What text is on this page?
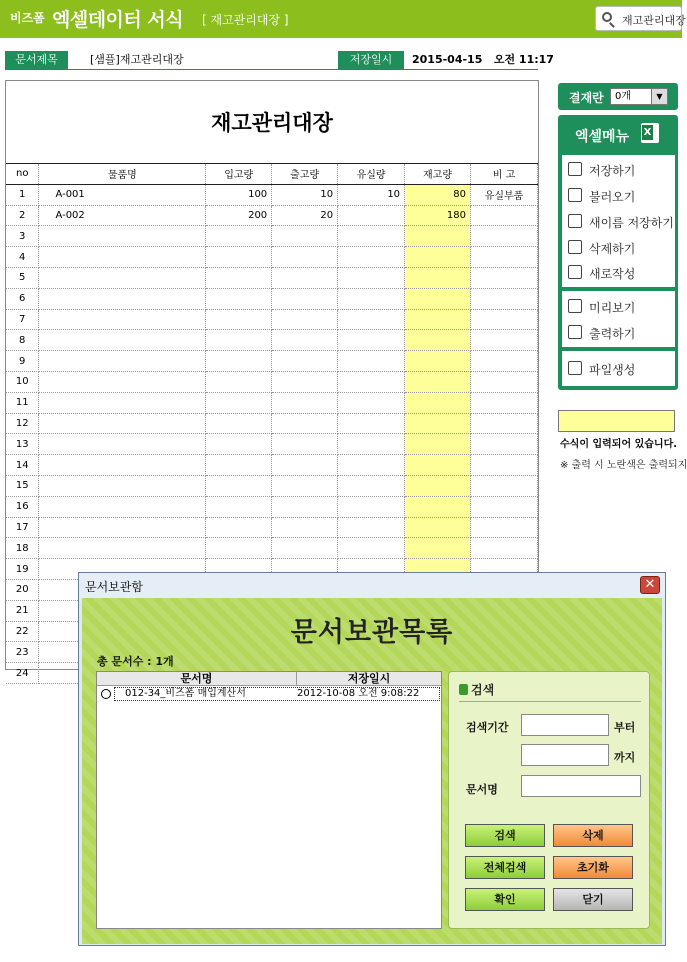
비즈폼 엑셀데이터 서식 [ 재고관리대장 ]	재고관리대장
문서제목	[샘플]재고관리대장	저장일시	2015-04-15   오전 11:17
재고관리대장
no	물품명	입고량	출고량	유실량	재고량	비 고
1	A-001	100	10	10	80	유실부품
2	A-002	200	20		180	
3						
4						
5						
6						
7						
8						
9						
10						
11						
12						
13						
14						
15						
16						
17						
18						
19						
20						
21						
22						
23						
24						
결재란	0개	▼
엑셀메뉴
X
저장하기
불러오기
새이름 저장하기
삭제하기
새로작성
미리보기
출력하기
파일생성
수식이 입력되어 있습니다.
※ 출력 시 노란색은 출력되지
문서보관함	✕
문서보관목록
총 문서수 : 1개
문서명	저장일시
012-34_비즈폼 매입계산서	2012-10-08 오전 9:08:22	검색
검색기간	부터
까지
문서명
검색	삭제
전체검색	초기화
확인	닫기
